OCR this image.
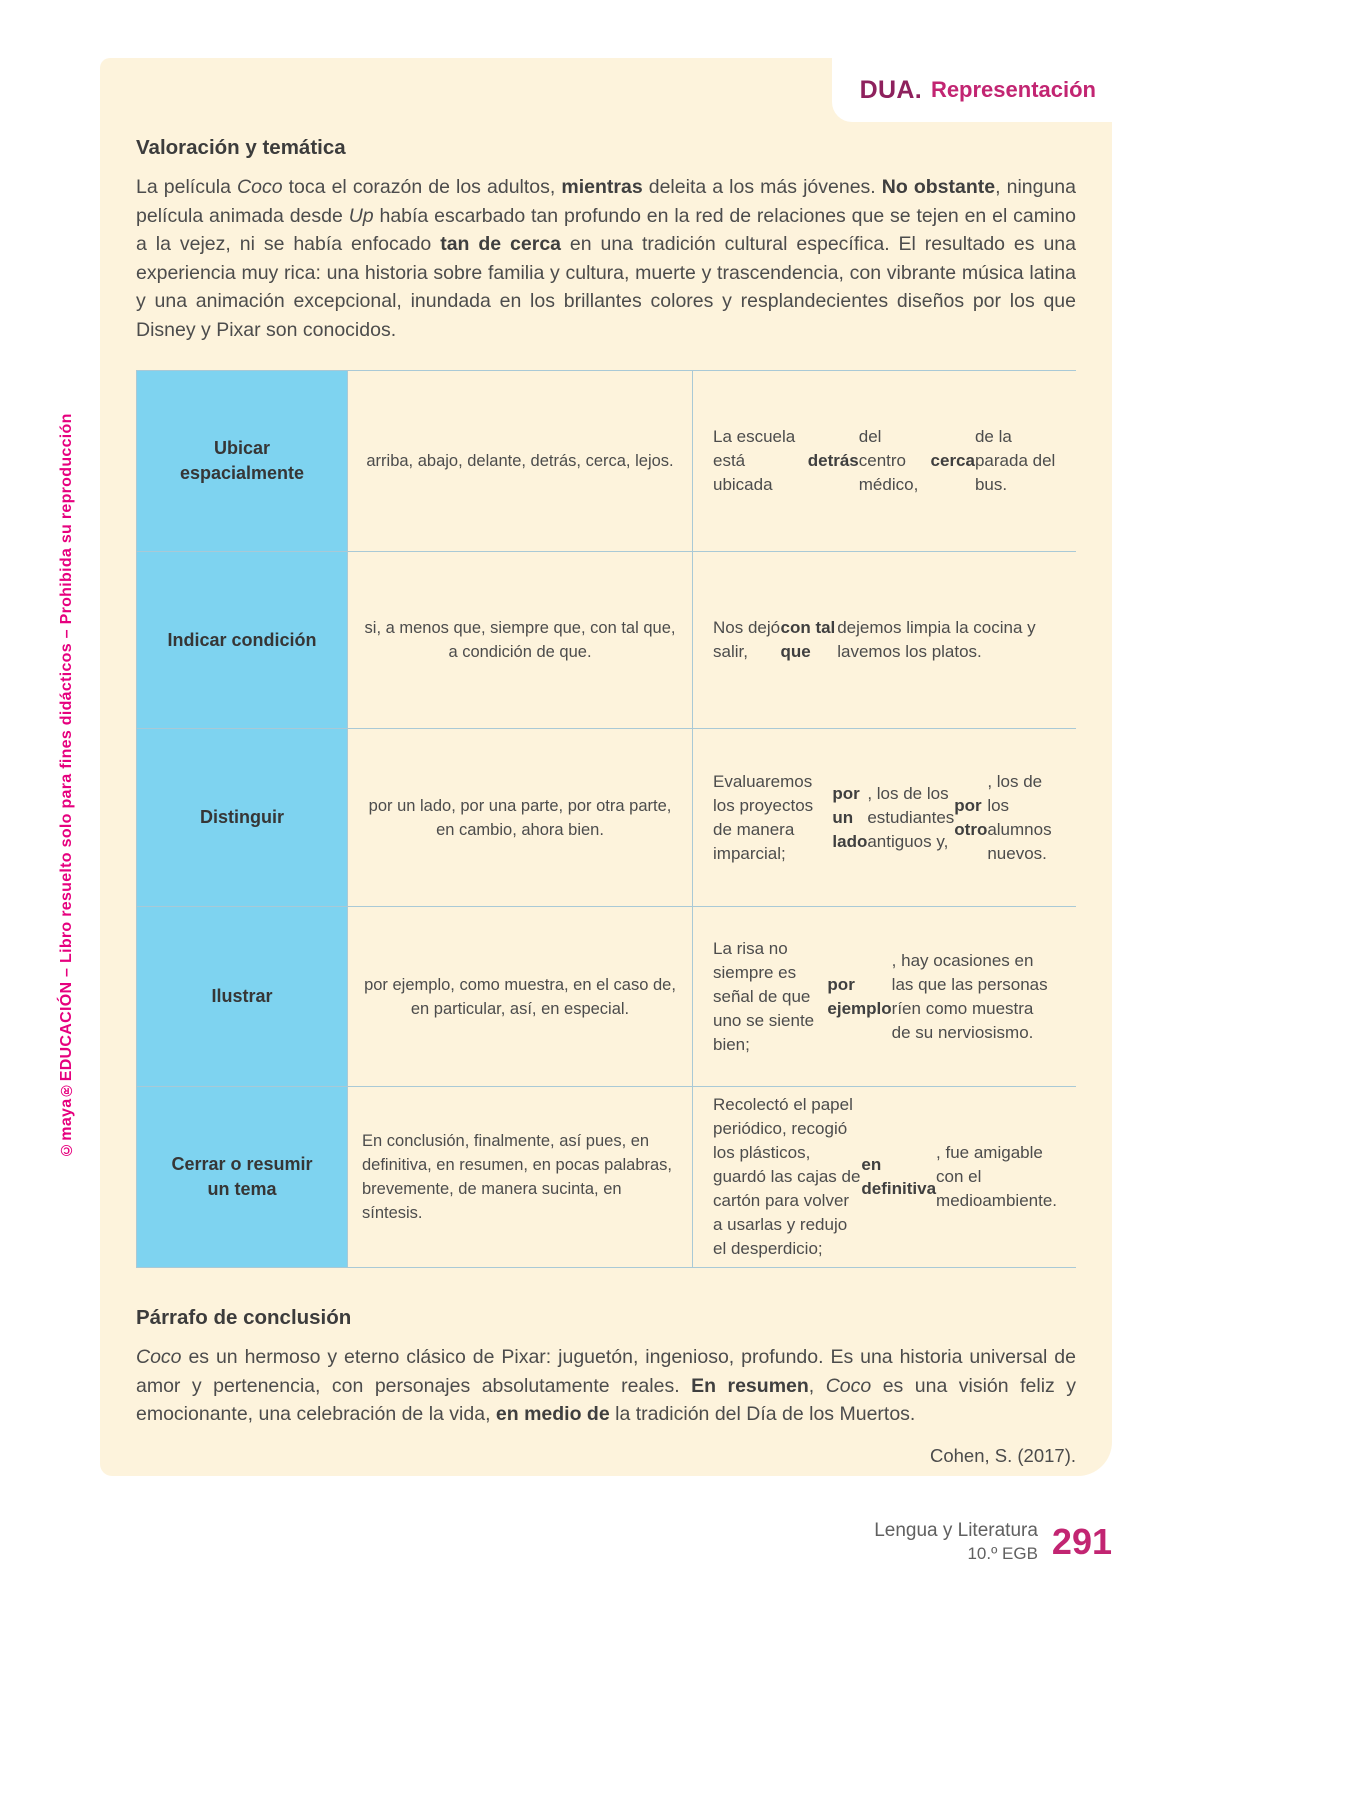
Valoración y temática

La película Coco toca el corazón de los adultos, mientras deleita a los más jóvenes. No obstante, ninguna película animada desde Up había escarbado tan profundo en la red de relaciones que se tejen en el camino a la vejez, ni se había enfocado tan de cerca en una tradición cultural específica. El resultado es una experiencia muy rica: una historia sobre familia y cultura, muerte y trascendencia, con vibrante música latina y una animación excepcional, inundada en los brillantes colores y resplandecientes diseños por los que Disney y Pixar son conocidos.

Ubicar espacialmente
arriba, abajo, delante, detrás, cerca, lejos.
La escuela está ubicada
detrás
del centro médico,
cerca
de la parada del bus.
Indicar condición
si, a menos que, siempre que, con tal que, a condición de que.
Nos dejó salir,
con tal que
dejemos limpia la cocina y lavemos los platos.
Distinguir
por un lado, por una parte, por otra parte, en cambio, ahora bien.
Evaluaremos los proyectos de manera imparcial;
por un lado
, los de los estudiantes antiguos y,
por otro
, los de los alumnos nuevos.
Ilustrar
por ejemplo, como muestra, en el caso de, en particular, así, en especial.
La risa no siempre es señal de que uno se siente bien;
por ejemplo
, hay ocasiones en las que las personas ríen como muestra de su nerviosismo.
Cerrar o resumir un tema
En conclusión, finalmente, así pues, en definitiva, en resumen, en pocas palabras, brevemente, de manera sucinta, en síntesis.
Recolectó el papel periódico, recogió los plásticos, guardó las cajas de cartón para volver a usarlas y redujo el desperdicio;
en definitiva
, fue amigable con el medioambiente.
Párrafo de conclusión

Coco es un hermoso y eterno clásico de Pixar: juguetón, ingenioso, profundo. Es una historia universal de amor y pertenencia, con personajes absolutamente reales. En resumen, Coco es una visión feliz y emocionante, una celebración de la vida, en medio de la tradición del Día de los Muertos.

Cohen, S. (2017).
DUA. Representación
©maya®EDUCACIÓN – Libro resuelto solo para fines didácticos – Prohibida su reproducción
Lengua y Literatura
10.º EGB 291
